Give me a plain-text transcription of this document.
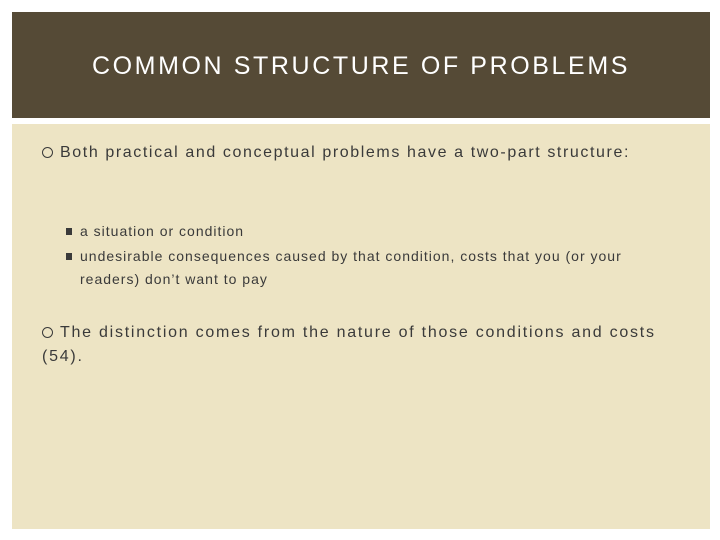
COMMON STRUCTURE OF PROBLEMS
Both practical and conceptual problems have a two-part structure:
a situation or condition
undesirable consequences caused by that condition, costs that you (or your readers) don’t want to pay
The distinction comes from the nature of those conditions and costs (54).
